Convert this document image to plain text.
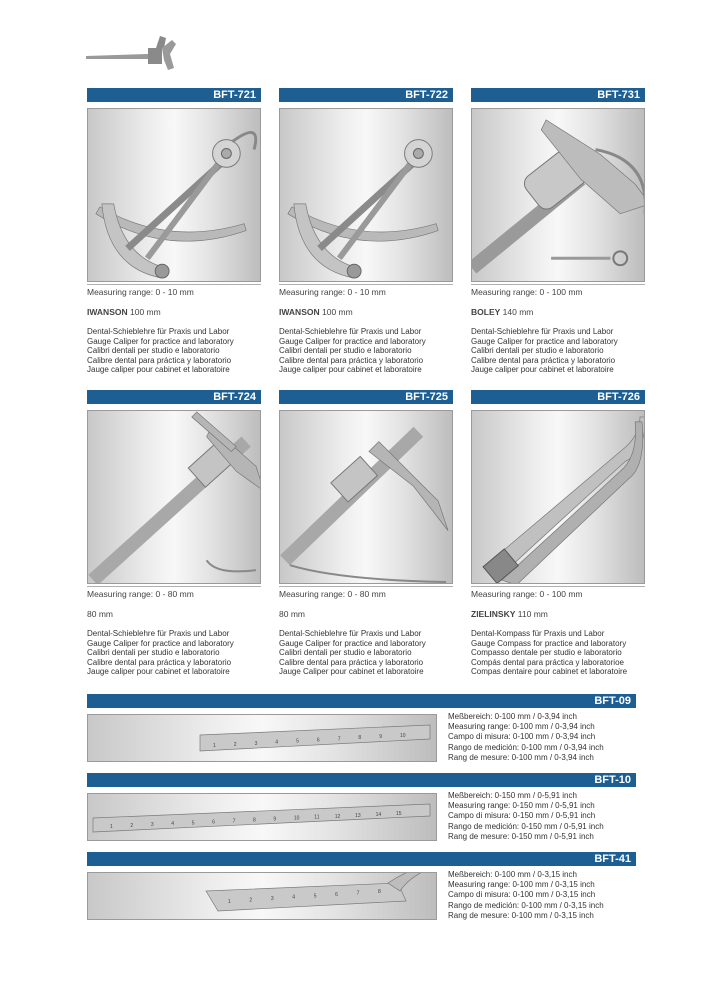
BFT-721
Measuring range: 0 - 10 mm
IWANSON 100 mm
Dental-Schieblehre für Praxis und Labor
Gauge Caliper for practice and laboratory
Calibri dentali per studio e laboratorio
Calibre dental para práctica y laboratorio
Jauge caliper pour cabinet et laboratoire
BFT-722
Measuring range: 0 - 10 mm
IWANSON 100 mm
Dental-Schieblehre für Praxis und Labor
Gauge Caliper for practice and laboratory
Calibri dentali per studio e laboratorio
Calibre dental para práctica y laboratorio
Jauge caliper pour cabinet et laboratoire
BFT-731
Measuring range: 0 - 100 mm
BOLEY 140 mm
Dental-Schieblehre für Praxis und Labor
Gauge Caliper for practice and laboratory
Calibri dentali per studio e laboratorio
Calibre dental para práctica y laboratorio
Jauge caliper pour cabinet et laboratoire
BFT-724
Measuring range: 0 - 80 mm
80 mm
Dental-Schieblehre für Praxis und Labor
Gauge Caliper for practice and laboratory
Calibri dentali per studio e laboratorio
Calibre dental para práctica y laboratorio
Jauge caliper pour cabinet et laboratoire
BFT-725
Measuring range: 0 - 80 mm
80 mm
Dental-Schieblehre für Praxis und Labor
Gauge Caliper for practice and laboratory
Calibri dentali per studio e laboratorio
Calibre dental para práctica y laboratorio
Jauge Caliper pour cabinet et laboratoire
BFT-726
Measuring range: 0 - 100 mm
ZIELINSKY 110 mm
Dental-Kompass für Praxis und Labor
Gauge Compass for practice and laboratory
Compasso dentale per studio e laboratorio
Compás dental para práctica y laboratorioe
Compas dentaire pour cabinet et laboratoire
BFT-09
1	2	3	4	5	6	7	8	9	10
Meßbereich: 0-100 mm / 0-3,94 inch
Measuring range: 0-100 mm / 0-3,94 inch
Campo di misura: 0-100 mm / 0-3,94 inch
Rango de medición: 0-100 mm / 0-3,94 inch
Rang de mesure: 0-100 mm / 0-3,94 inch
BFT-10
1	2	3	4	5	6	7	8	9	10	11	12	13	14	15
Meßbereich: 0-150 mm / 0-5,91 inch
Measuring range: 0-150 mm / 0-5,91 inch
Campo di misura: 0-150 mm / 0-5,91 inch
Rango de medición: 0-150 mm / 0-5,91 inch
Rang de mesure: 0-150 mm / 0-5,91 inch
BFT-41
1	2	3	4	5	6	7	8
Meßbereich: 0-100 mm / 0-3,15 inch
Measuring range: 0-100 mm / 0-3,15 inch
Campo di misura: 0-100 mm / 0-3,15 inch
Rango de medición: 0-100 mm / 0-3,15 inch
Rang de mesure: 0-100 mm / 0-3,15 inch
